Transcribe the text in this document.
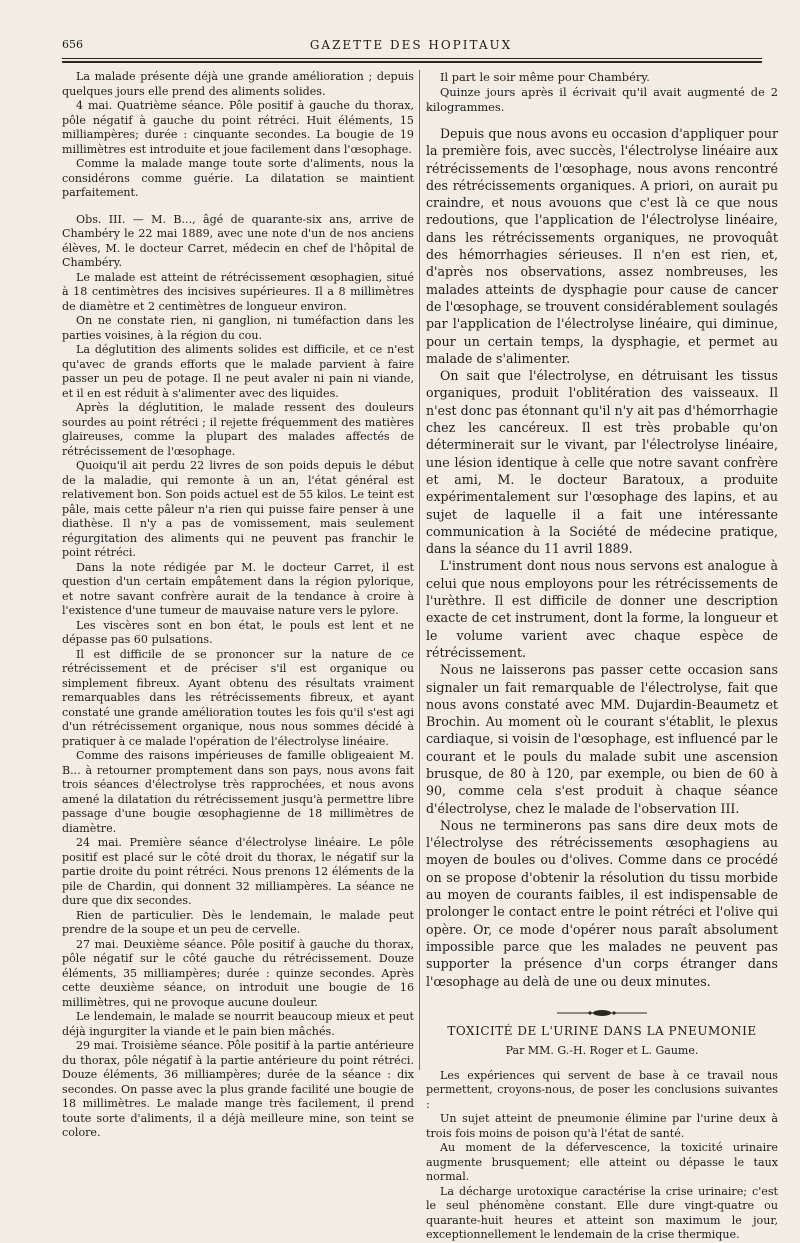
656	GAZETTE DES HOPITAUX

La malade présente déjà une grande amélioration ; depuis quelques jours elle prend des aliments solides.

4 mai. Quatrième séance. Pôle positif à gauche du thorax, pôle négatif à gauche du point rétréci. Huit éléments, 15 milliampères; durée : cinquante secondes. La bougie de 19 millimètres est introduite et joue facilement dans l'œsophage.

Comme la malade mange toute sorte d'aliments, nous la considérons comme guérie. La dilatation se maintient parfaitement.

Obs. III. — M. B..., âgé de quarante-six ans, arrive de Chambéry le 22 mai 1889, avec une note d'un de nos anciens élèves, M. le docteur Carret, médecin en chef de l'hôpital de Chambéry.

Le malade est atteint de rétrécissement œsophagien, situé à 18 centimètres des incisives supérieures. Il a 8 millimètres de diamètre et 2 centimètres de longueur environ.

On ne constate rien, ni ganglion, ni tuméfaction dans les parties voisines, à la région du cou.

La déglutition des aliments solides est difficile, et ce n'est qu'avec de grands efforts que le malade parvient à faire passer un peu de potage. Il ne peut avaler ni pain ni viande, et il en est réduit à s'alimenter avec des liquides.

Après la déglutition, le malade ressent des douleurs sourdes au point rétréci ; il rejette fréquemment des matières glaireuses, comme la plupart des malades affectés de rétrécissement de l'œsophage.

Quoiqu'il ait perdu 22 livres de son poids depuis le début de la maladie, qui remonte à un an, l'état général est relativement bon. Son poids actuel est de 55 kilos. Le teint est pâle, mais cette pâleur n'a rien qui puisse faire penser à une diathèse. Il n'y a pas de vomissement, mais seulement régurgitation des aliments qui ne peuvent pas franchir le point rétréci.

Dans la note rédigée par M. le docteur Carret, il est question d'un certain empâtement dans la région pylorique, et notre savant confrère aurait de la tendance à croire à l'existence d'une tumeur de mauvaise nature vers le pylore.

Les viscères sont en bon état, le pouls est lent et ne dépasse pas 60 pulsations.

Il est difficile de se prononcer sur la nature de ce rétrécissement et de préciser s'il est organique ou simplement fibreux. Ayant obtenu des résultats vraiment remarquables dans les rétrécissements fibreux, et ayant constaté une grande amélioration toutes les fois qu'il s'est agi d'un rétrécissement organique, nous nous sommes décidé à pratiquer à ce malade l'opération de l'électrolyse linéaire.

Comme des raisons impérieuses de famille obligeaient M. B... à retourner promptement dans son pays, nous avons fait trois séances d'électrolyse très rapprochées, et nous avons amené la dilatation du rétrécissement jusqu'à permettre libre passage d'une bougie œsophagienne de 18 millimètres de diamètre.

24 mai. Première séance d'électrolyse linéaire. Le pôle positif est placé sur le côté droit du thorax, le négatif sur la partie droite du point rétréci. Nous prenons 12 éléments de la pile de Chardin, qui donnent 32 milliampères. La séance ne dure que dix secondes.

Rien de particulier. Dès le lendemain, le malade peut prendre de la soupe et un peu de cervelle.

27 mai. Deuxième séance. Pôle positif à gauche du thorax, pôle négatif sur le côté gauche du rétrécissement. Douze éléments, 35 milliampères; durée : quinze secondes. Après cette deuxième séance, on introduit une bougie de 16 millimètres, qui ne provoque aucune douleur.

Le lendemain, le malade se nourrit beaucoup mieux et peut déjà ingurgiter la viande et le pain bien mâchés.

29 mai. Troisième séance. Pôle positif à la partie antérieure du thorax, pôle négatif à la partie antérieure du point rétréci. Douze éléments, 36 milliampères; durée de la séance : dix secondes. On passe avec la plus grande facilité une bougie de 18 millimètres. Le malade mange très facilement, il prend toute sorte d'aliments, il a déjà meilleure mine, son teint se colore.

Il part le soir même pour Chambéry.

Quinze jours après il écrivait qu'il avait augmenté de 2 kilogrammes.

Depuis que nous avons eu occasion d'appliquer pour la première fois, avec succès, l'électrolyse linéaire aux rétrécissements de l'œsophage, nous avons rencontré des rétrécissements organiques. A priori, on aurait pu craindre, et nous avouons que c'est là ce que nous redoutions, que l'application de l'électrolyse linéaire, dans les rétrécissements organiques, ne provoquât des hémorrhagies sérieuses. Il n'en est rien, et, d'après nos observations, assez nombreuses, les malades atteints de dysphagie pour cause de cancer de l'œsophage, se trouvent considérablement soulagés par l'application de l'électrolyse linéaire, qui diminue, pour un certain temps, la dysphagie, et permet au malade de s'alimenter.

On sait que l'électrolyse, en détruisant les tissus organiques, produit l'oblitération des vaisseaux. Il n'est donc pas étonnant qu'il n'y ait pas d'hémorrhagie chez les cancéreux. Il est très probable qu'on déterminerait sur le vivant, par l'électrolyse linéaire, une lésion identique à celle que notre savant confrère et ami, M. le docteur Baratoux, a produite expérimentalement sur l'œsophage des lapins, et au sujet de laquelle il a fait une intéressante communication à la Société de médecine pratique, dans la séance du 11 avril 1889.

L'instrument dont nous nous servons est analogue à celui que nous employons pour les rétrécissements de l'urèthre. Il est difficile de donner une description exacte de cet instrument, dont la forme, la longueur et le volume varient avec chaque espèce de rétrécissement.

Nous ne laisserons pas passer cette occasion sans signaler un fait remarquable de l'électrolyse, fait que nous avons constaté avec MM. Dujardin-Beaumetz et Brochin. Au moment où le courant s'établit, le plexus cardiaque, si voisin de l'œsophage, est influencé par le courant et le pouls du malade subit une ascension brusque, de 80 à 120, par exemple, ou bien de 60 à 90, comme cela s'est produit à chaque séance d'électrolyse, chez le malade de l'observation III.

Nous ne terminerons pas sans dire deux mots de l'électrolyse des rétrécissements œsophagiens au moyen de boules ou d'olives. Comme dans ce procédé on se propose d'obtenir la résolution du tissu morbide au moyen de courants faibles, il est indispensable de prolonger le contact entre le point rétréci et l'olive qui opère. Or, ce mode d'opérer nous paraît absolument impossible parce que les malades ne peuvent pas supporter la présence d'un corps étranger dans l'œsophage au delà de une ou deux minutes.

TOXICITÉ DE L'URINE DANS LA PNEUMONIE
Par MM. G.-H. Roger et L. Gaume.

Les expériences qui servent de base à ce travail nous permettent, croyons-nous, de poser les conclusions suivantes :

Un sujet atteint de pneumonie élimine par l'urine deux à trois fois moins de poison qu'à l'état de santé.

Au moment de la défervescence, la toxicité urinaire augmente brusquement; elle atteint ou dépasse le taux normal.

La décharge urotoxique caractérise la crise urinaire; c'est le seul phénomène constant. Elle dure vingt-quatre ou quarante-huit heures et atteint son maximum le jour, exceptionnellement le lendemain de la crise thermique.
